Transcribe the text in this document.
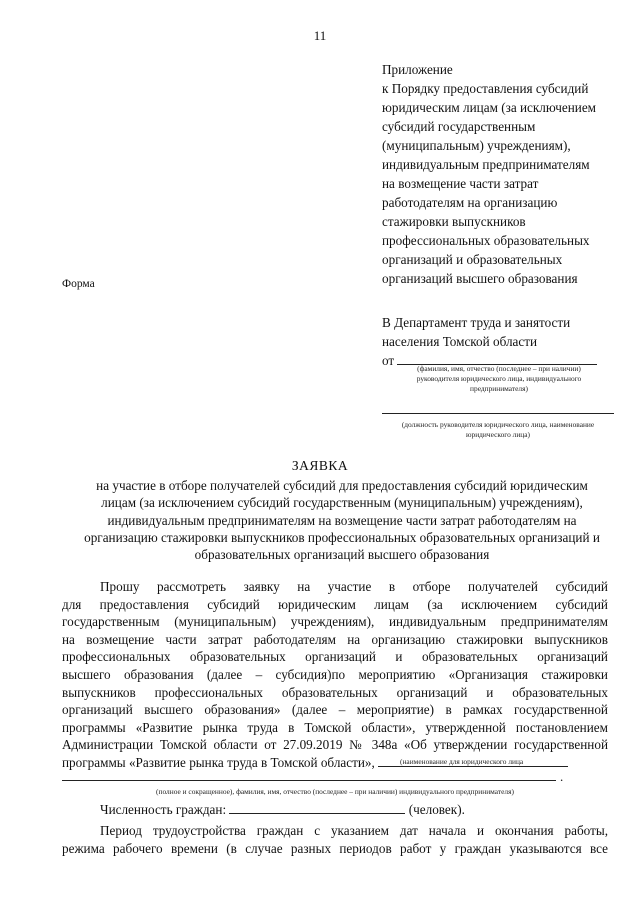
11
Приложение
к Порядку предоставления субсидий
юридическим лицам (за исключением
субсидий государственным
(муниципальным) учреждениям),
индивидуальным предпринимателям
на возмещение части затрат
работодателям на организацию
стажировки выпускников
профессиональных образовательных
организаций и образовательных
организаций высшего образования
Форма
В Департамент труда и занятости
населения Томской области
от
(фамилия, имя, отчество (последнее – при наличии)
руководителя юридического лица, индивидуального
предпринимателя)
(должность руководителя юридического лица, наименование
юридического лица)
ЗАЯВКА
на участие в отборе получателей субсидий для предоставления субсидий юридическим
лицам (за исключением субсидий государственным (муниципальным) учреждениям),
индивидуальным предпринимателям на возмещение части затрат работодателям на
организацию стажировки выпускников профессиональных образовательных организаций и
образовательных организаций высшего образования
Прошу рассмотреть заявку на участие в отборе получателей субсидий
для предоставления субсидий юридическим лицам (за исключением субсидий
государственным (муниципальным) учреждениям), индивидуальным предпринимателям
на возмещение части затрат работодателям на организацию стажировки выпускников
профессиональных образовательных организаций и образовательных организаций
высшего образования (далее – субсидия)по мероприятию «Организация стажировки
выпускников профессиональных образовательных организаций и образовательных
организаций высшего образования» (далее – мероприятие) в рамках государственной
программы «Развитие рынка труда в Томской области», утвержденной постановлением
Администрации Томской области от 27.09.2019 № 348а «Об утверждении государственной
программы «Развитие рынка труда в Томской области»,	(наименование для юридического лица
.
(полное и сокращенное), фамилия, имя, отчество (последнее – при наличии) индивидуального предпринимателя)
Численность граждан:	(человек).
Период трудоустройства граждан с указанием дат начала и окончания работы,
режима рабочего времени (в случае разных периодов работ у граждан указываются все
